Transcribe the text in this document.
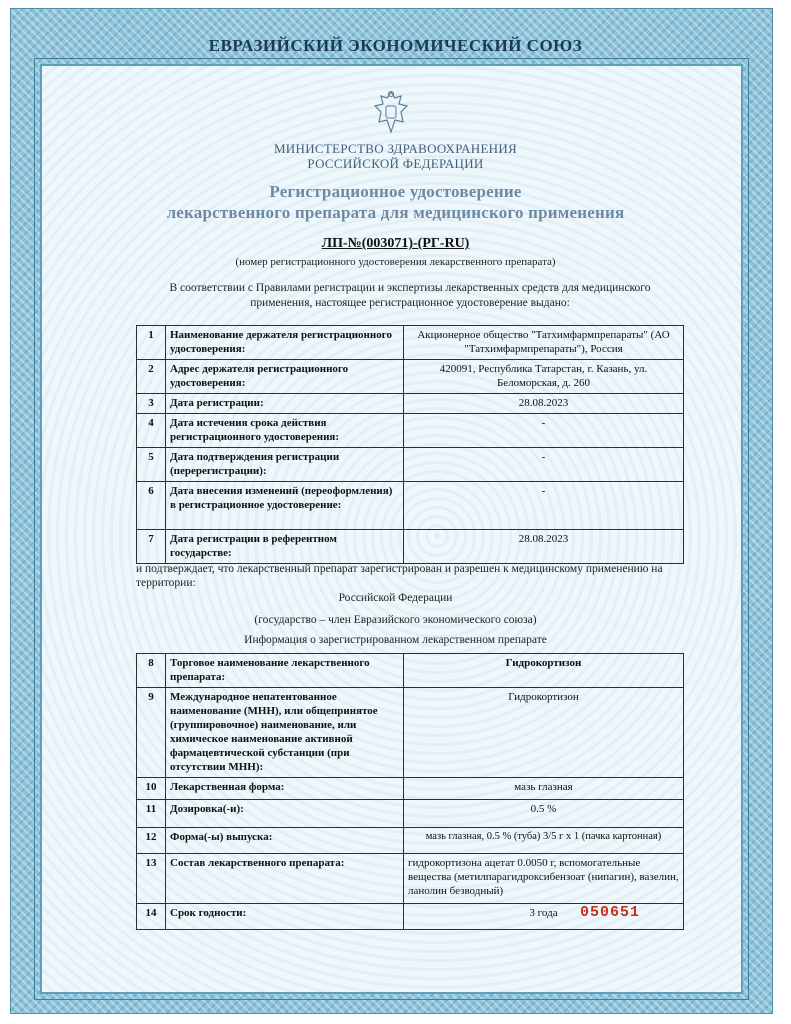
ЕВРАЗИЙСКИЙ ЭКОНОМИЧЕСКИЙ СОЮЗ
МИНИСТЕРСТВО ЗДРАВООХРАНЕНИЯ
РОССИЙСКОЙ ФЕДЕРАЦИИ
Регистрационное удостоверение
лекарственного препарата для медицинского применения
ЛП-№(003071)-(РГ-RU)
(номер регистрационного удостоверения лекарственного препарата)
В соответствии с Правилами регистрации и экспертизы лекарственных средств для медицинского применения, настоящее регистрационное удостоверение выдано:
1	Наименование держателя регистрационного удостоверения:	Акционерное общество "Татхимфармпрепараты" (АО "Татхимфармпрепараты"), Россия
2	Адрес держателя регистрационного удостоверения:	420091, Республика Татарстан, г. Казань, ул. Беломорская, д. 260
3	Дата регистрации:	28.08.2023
4	Дата истечения срока действия регистрационного удостоверения:	-
5	Дата подтверждения регистрации (перерегистрации):	-
6	Дата внесения изменений (переоформления) в регистрационное удостоверение:	-
7	Дата регистрации в референтном государстве:	28.08.2023
и подтверждает, что лекарственный препарат зарегистрирован и разрешен к медицинскому применению на территории:
Российской Федерации
(государство – член Евразийского экономического союза)
Информация о зарегистрированном лекарственном препарате
8	Торговое наименование лекарственного препарата:	Гидрокортизон
9	Международное непатентованное наименование (МНН), или общепринятое (группировочное) наименование, или химическое наименование активной фармацевтической субстанции (при отсутствии МНН):	Гидрокортизон
10	Лекарственная форма:	мазь глазная
11	Дозировка(-и):	0.5 %
12	Форма(-ы) выпуска:	мазь глазная, 0.5 % (туба) 3/5 г x 1 (пачка картонная)
13	Состав лекарственного препарата:	гидрокортизона ацетат 0.0050 г, вспомогательные вещества (метилпарагидроксибензоат (нипагин), вазелин, ланолин безводный)
14	Срок годности:	3 года 050651
